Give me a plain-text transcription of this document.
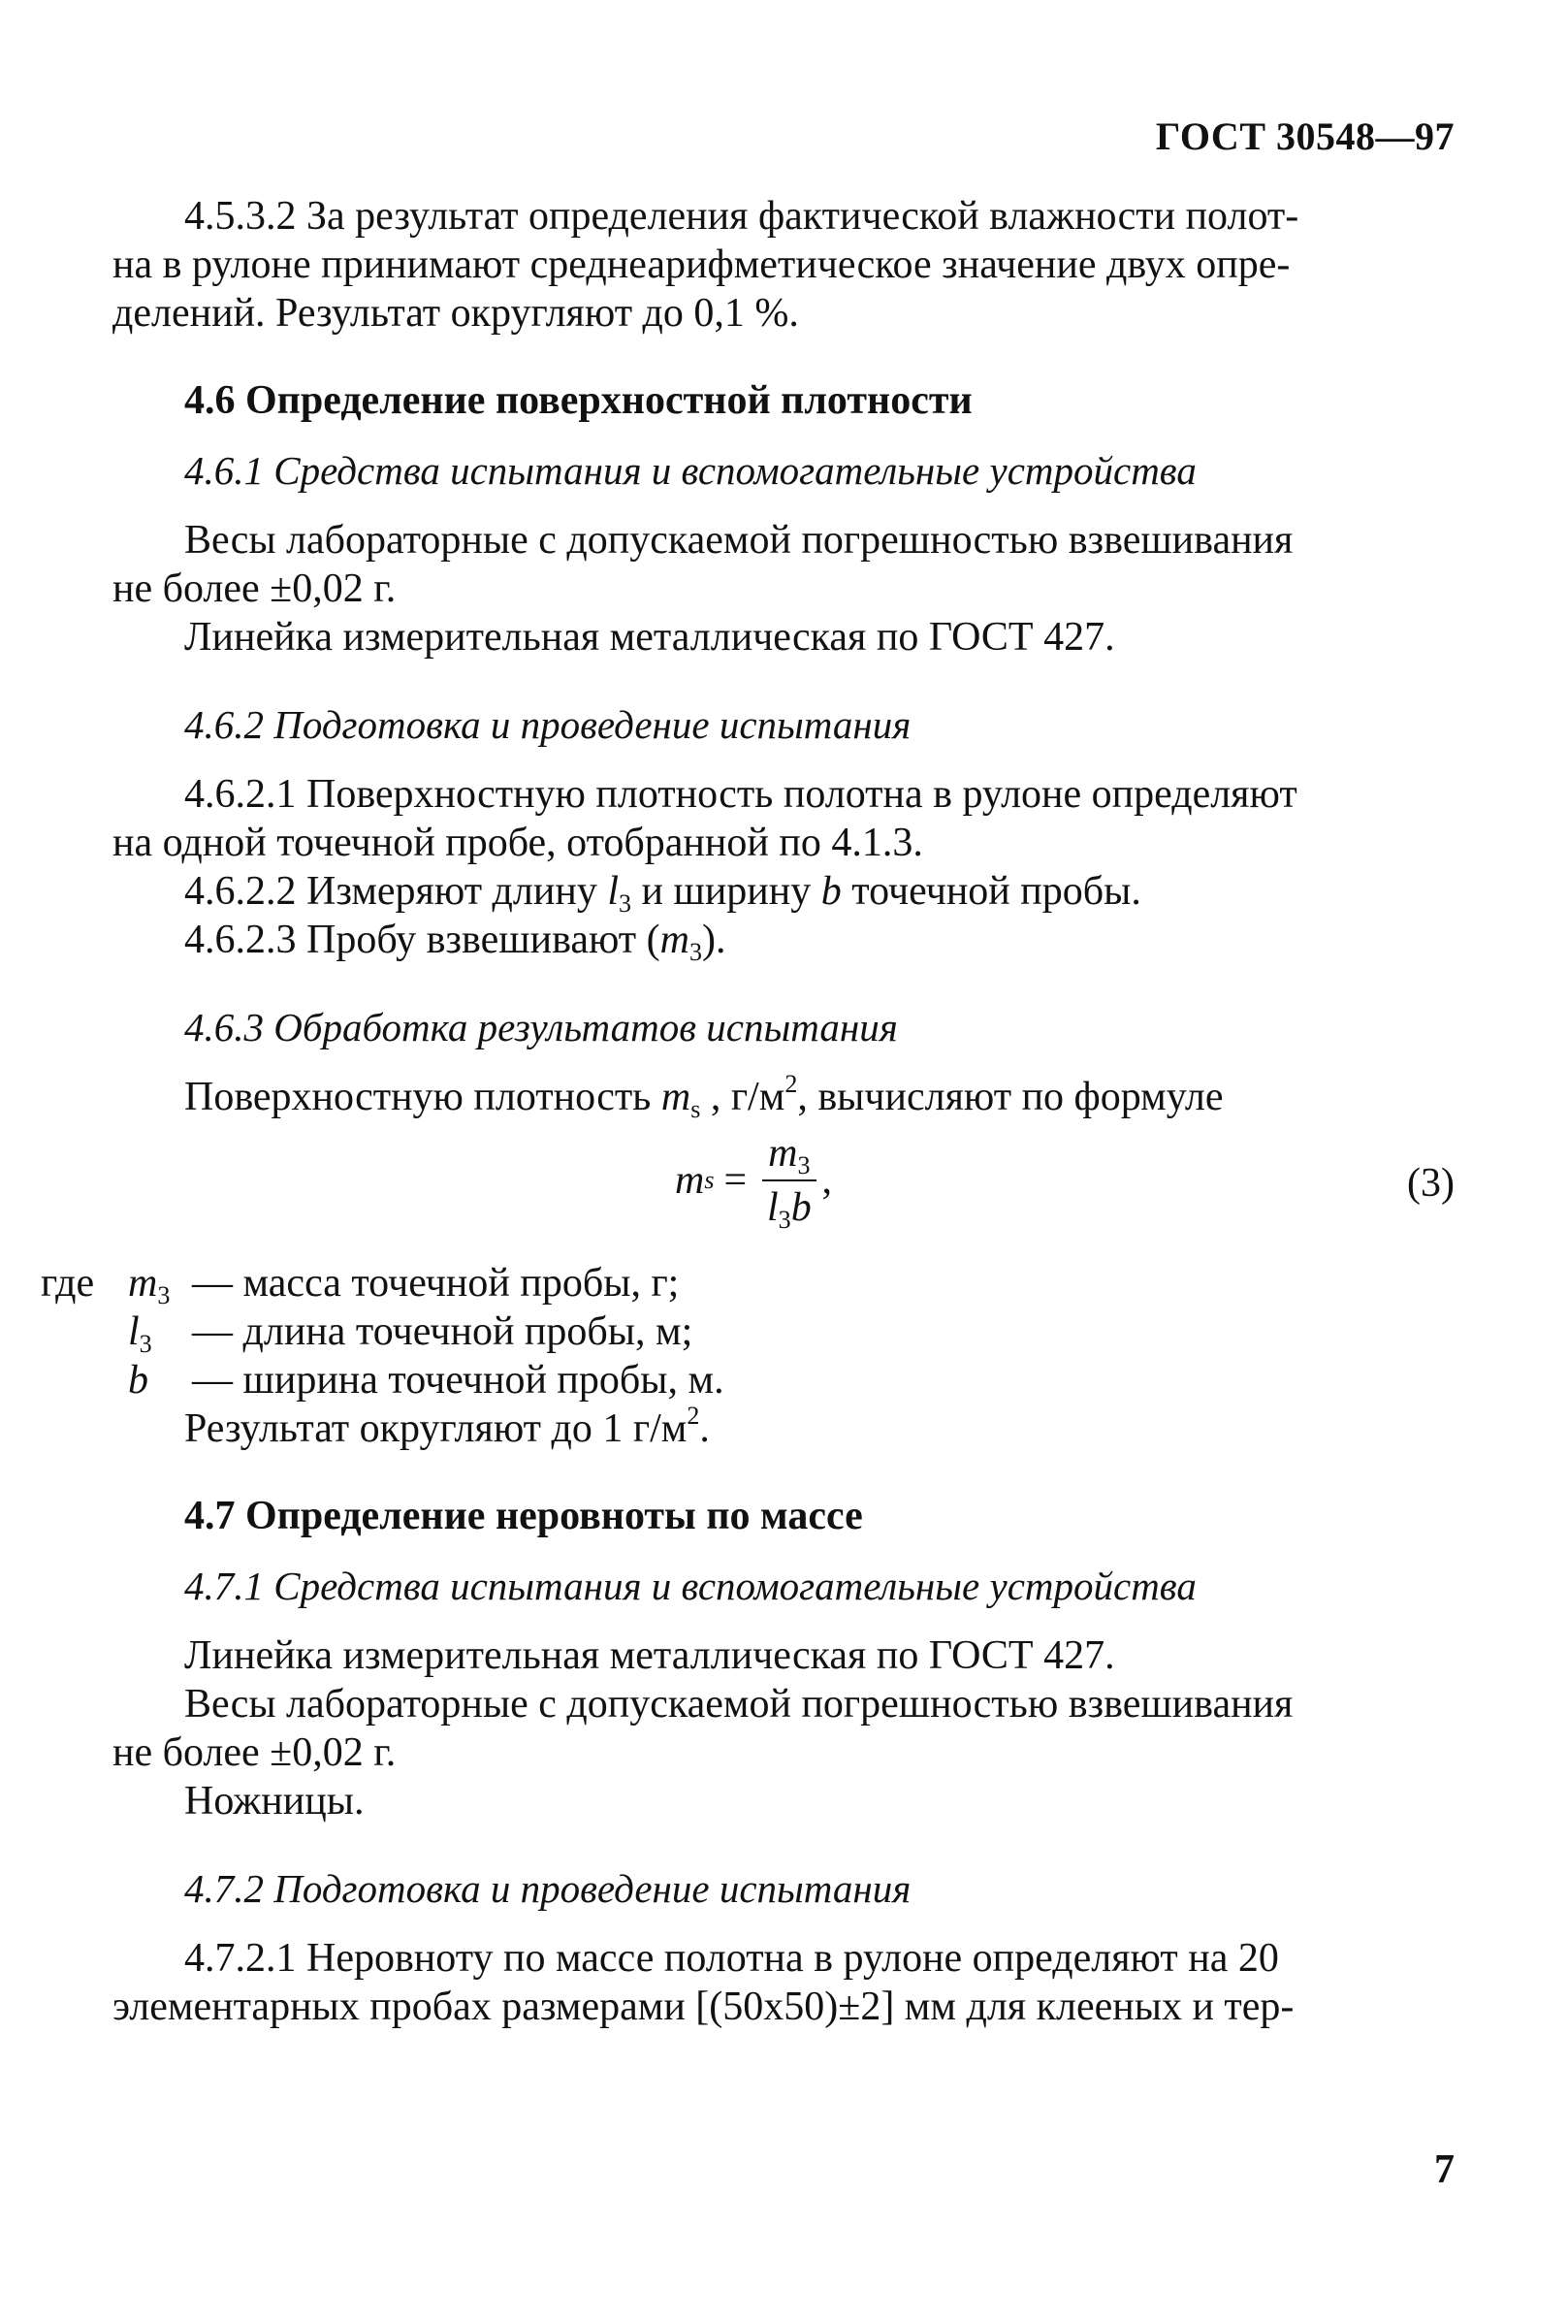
ГОСТ 30548—97

4.5.3.2 За результат определения фактической влажности полот-
на в рулоне принимают среднеарифметическое значение двух опре-
делений. Результат округляют до 0,1 %.

4.6 Определение поверхностной плотности

4.6.1 Средства испытания и вспомогательные устройства

Весы лабораторные с допускаемой погрешностью взвешивания
не более ±0,02 г.

Линейка измерительная металлическая по ГОСТ 427.

4.6.2 Подготовка и проведение испытания

4.6.2.1 Поверхностную плотность полотна в рулоне определяют
на одной точечной пробе, отобранной по 4.1.3.

4.6.2.2 Измеряют длину $l_3$ и ширину b точечной пробы.

4.6.2.3 Пробу взвешивают $(m_3)$.

4.6.3 Обработка результатов испытания

Поверхностную плотность $m_s$ , $г/м^2$, вычисляют по формуле

m $s = \frac{m_3}{l_3b}$ ,	(3)
где $m_3$ — масса точечной пробы, г;
$l_3$ — длина точечной пробы, м;
b	— ширина точечной пробы, м.

Результат округляют до 1 $г/м^2$.

4.7 Определение неровноты по массе

4.7.1 Средства испытания и вспомогательные устройства

Линейка измерительная металлическая по ГОСТ 427.

Весы лабораторные с допускаемой погрешностью взвешивания
не более ±0,02 г.

Ножницы.

4.7.2 Подготовка и проведение испытания

4.7.2.1 Неровноту по массе полотна в рулоне определяют на 20
элементарных пробах размерами [(50x50)±2] мм для клееных и тер-

7
